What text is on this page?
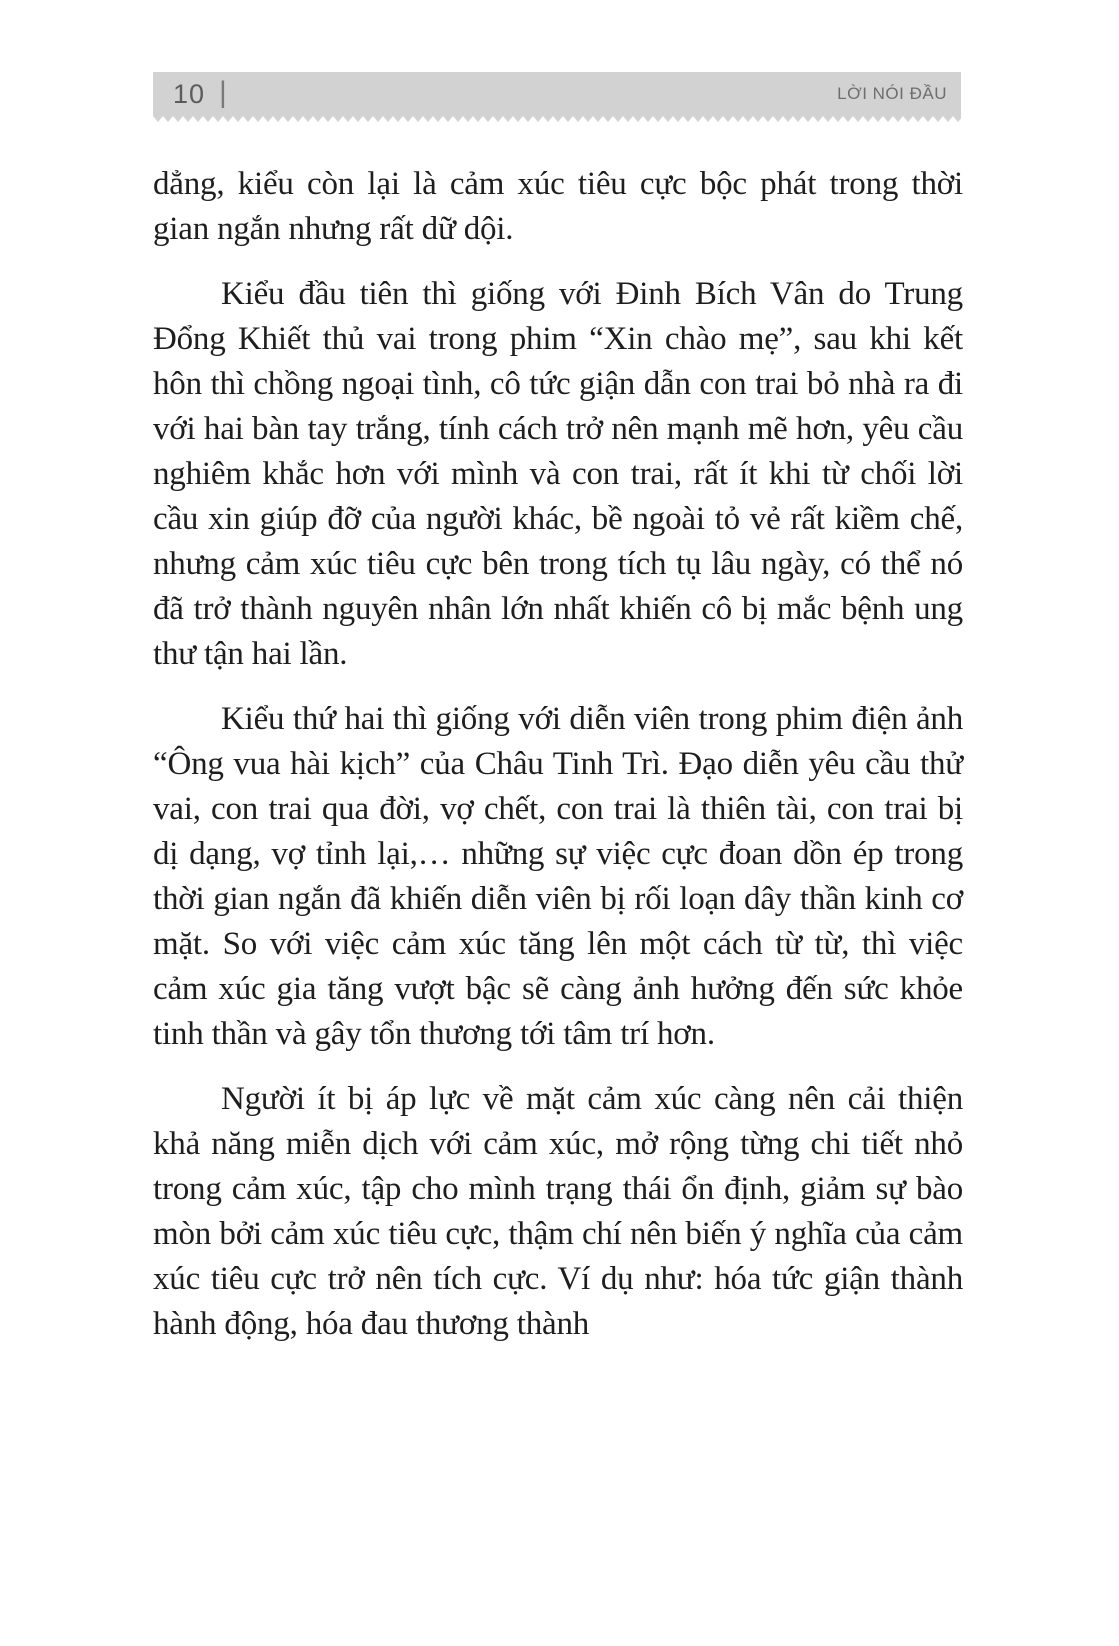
10 |	LỜI NÓI ĐẦU

dẳng, kiểu còn lại là cảm xúc tiêu cực bộc phát trong thời gian ngắn nhưng rất dữ dội.

Kiểu đầu tiên thì giống với Đinh Bích Vân do Trung Đổng Khiết thủ vai trong phim “Xin chào mẹ”, sau khi kết hôn thì chồng ngoại tình, cô tức giận dẫn con trai bỏ nhà ra đi với hai bàn tay trắng, tính cách trở nên mạnh mẽ hơn, yêu cầu nghiêm khắc hơn với mình và con trai, rất ít khi từ chối lời cầu xin giúp đỡ của người khác, bề ngoài tỏ vẻ rất kiềm chế, nhưng cảm xúc tiêu cực bên trong tích tụ lâu ngày, có thể nó đã trở thành nguyên nhân lớn nhất khiến cô bị mắc bệnh ung thư tận hai lần.

Kiểu thứ hai thì giống với diễn viên trong phim điện ảnh “Ông vua hài kịch” của Châu Tinh Trì. Đạo diễn yêu cầu thử vai, con trai qua đời, vợ chết, con trai là thiên tài, con trai bị dị dạng, vợ tỉnh lại,… những sự việc cực đoan dồn ép trong thời gian ngắn đã khiến diễn viên bị rối loạn dây thần kinh cơ mặt. So với việc cảm xúc tăng lên một cách từ từ, thì việc cảm xúc gia tăng vượt bậc sẽ càng ảnh hưởng đến sức khỏe tinh thần và gây tổn thương tới tâm trí hơn.

Người ít bị áp lực về mặt cảm xúc càng nên cải thiện khả năng miễn dịch với cảm xúc, mở rộng từng chi tiết nhỏ trong cảm xúc, tập cho mình trạng thái ổn định, giảm sự bào mòn bởi cảm xúc tiêu cực, thậm chí nên biến ý nghĩa của cảm xúc tiêu cực trở nên tích cực. Ví dụ như: hóa tức giận thành hành động, hóa đau thương thành
